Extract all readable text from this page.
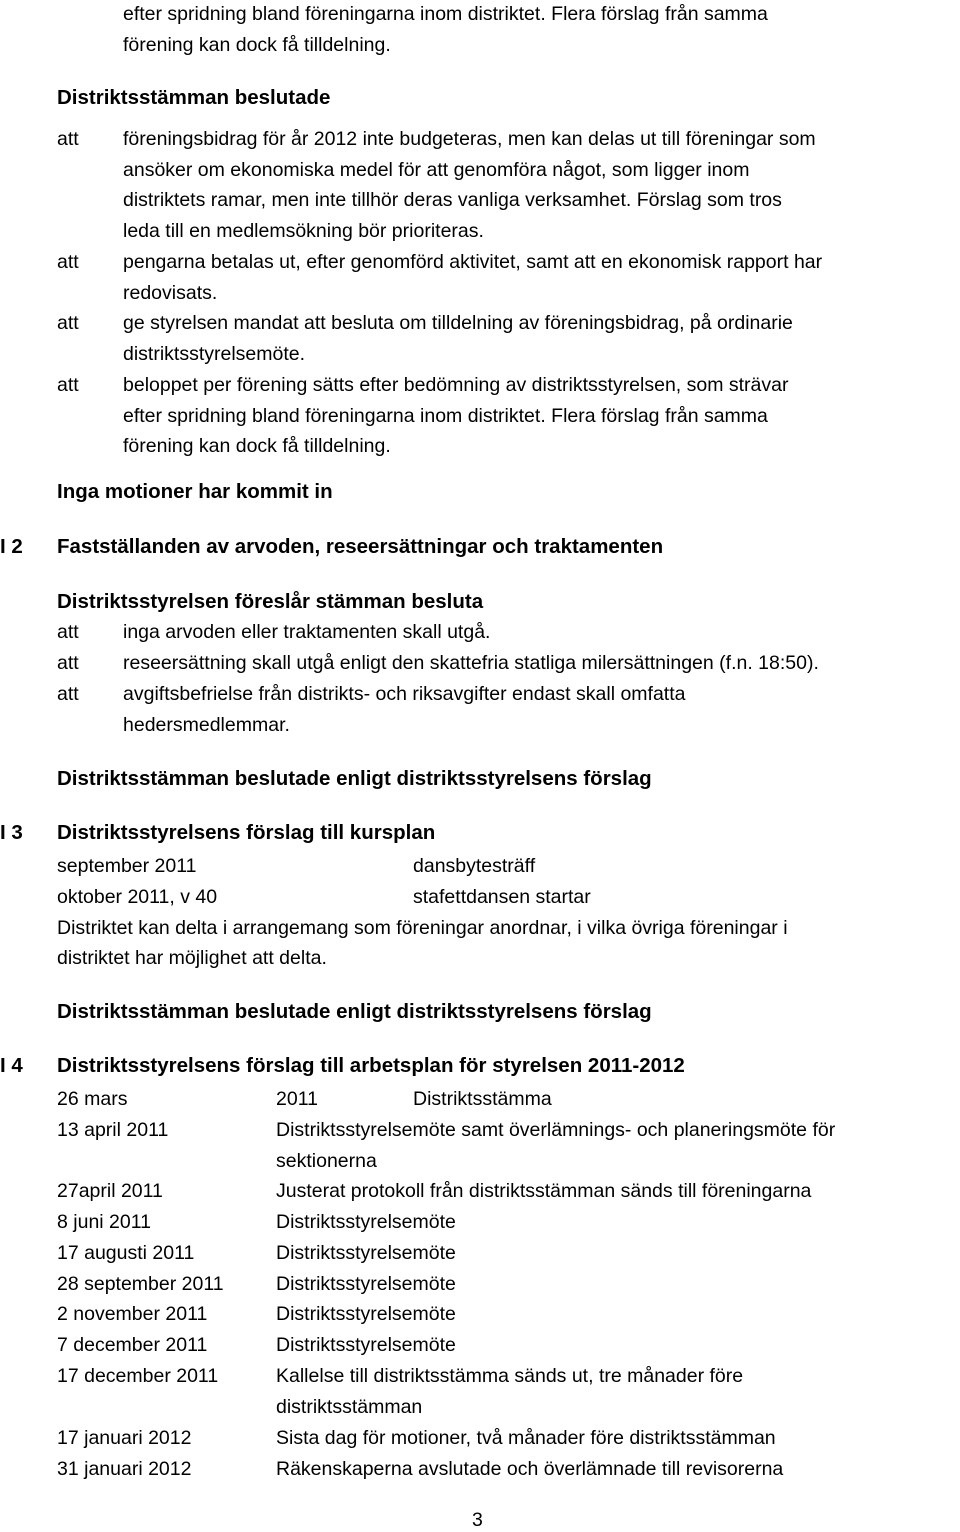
efter spridning bland föreningarna inom distriktet. Flera förslag från samma
förening kan dock få tilldelning.
Distriktsstämman beslutade
att föreningsbidrag för år 2012 inte budgeteras, men kan delas ut till föreningar som
ansöker om ekonomiska medel för att genomföra något, som ligger inom
distriktets ramar, men inte tillhör deras vanliga verksamhet. Förslag som tros
leda till en medlemsökning bör prioriteras.
att pengarna betalas ut, efter genomförd aktivitet, samt att en ekonomisk rapport har
redovisats.
att ge styrelsen mandat att besluta om tilldelning av föreningsbidrag, på ordinarie
distriktsstyrelsemöte.
att beloppet per förening sätts efter bedömning av distriktsstyrelsen, som strävar
efter spridning bland föreningarna inom distriktet. Flera förslag från samma
förening kan dock få tilldelning.
Inga motioner har kommit in
I 2 Fastställanden av arvoden, reseersättningar och traktamenten
Distriktsstyrelsen föreslår stämman besluta
att inga arvoden eller traktamenten skall utgå.
att reseersättning skall utgå enligt den skattefria statliga milersättningen (f.n. 18:50).
att avgiftsbefrielse från distrikts- och riksavgifter endast skall omfatta
hedersmedlemmar.
Distriktsstämman beslutade enligt distriktsstyrelsens förslag
I 3 Distriktsstyrelsens förslag till kursplan
september 2011	dansbytesträff
oktober 2011, v 40	stafettdansen startar
Distriktet kan delta i arrangemang som föreningar anordnar, i vilka övriga föreningar i
distriktet har möjlighet att delta.
Distriktsstämman beslutade enligt distriktsstyrelsens förslag
I 4 Distriktsstyrelsens förslag till arbetsplan för styrelsen 2011-2012
26 mars	2011	Distriktsstämma
13 april 2011	Distriktsstyrelsemöte samt överlämnings- och planeringsmöte för
sektionerna
27april 2011	Justerat protokoll från distriktsstämman sänds till föreningarna
8 juni 2011	Distriktsstyrelsemöte
17 augusti 2011	Distriktsstyrelsemöte
28 september 2011	Distriktsstyrelsemöte
2 november 2011	Distriktsstyrelsemöte
7 december 2011	Distriktsstyrelsemöte
17 december 2011	Kallelse till distriktsstämma sänds ut, tre månader före
distriktsstämman
17 januari 2012	Sista dag för motioner, två månader före distriktsstämman
31 januari 2012	Räkenskaperna avslutade och överlämnade till revisorerna
3
